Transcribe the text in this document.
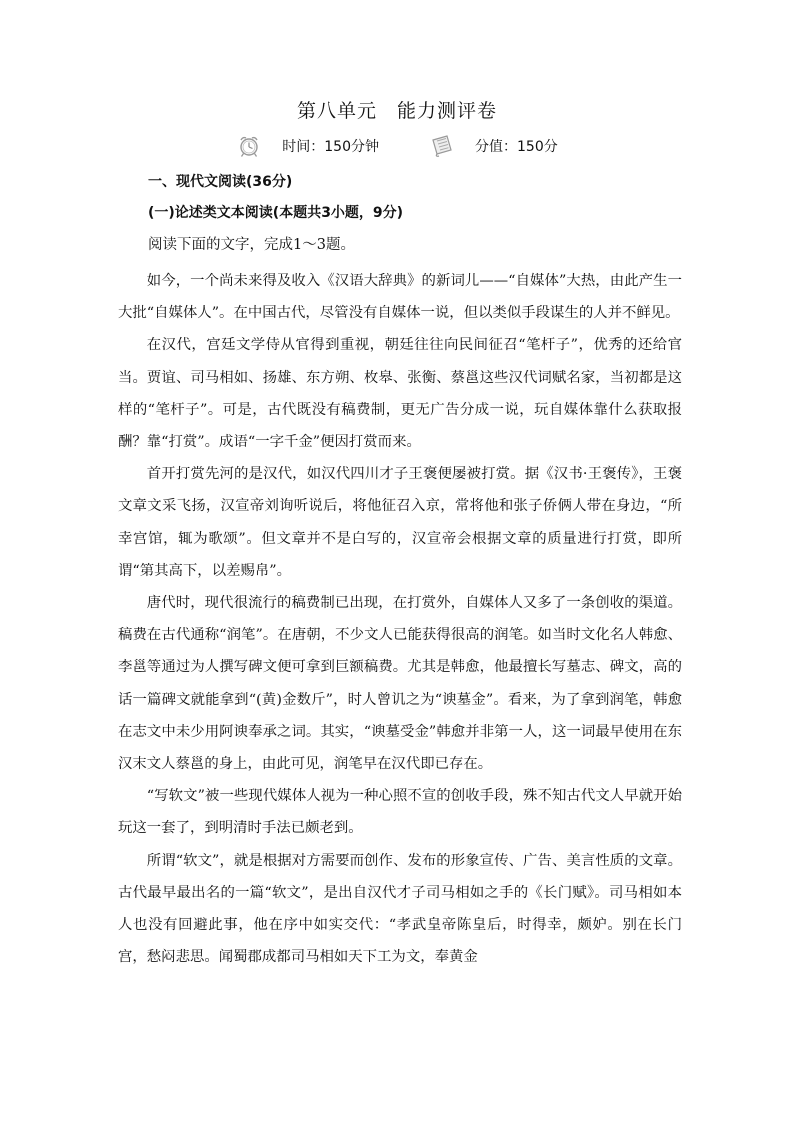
第八单元　能力测评卷
时间：150分钟	分值：150分
一、现代文阅读(36分)
(一)论述类文本阅读(本题共3小题，9分)
阅读下面的文字，完成1～3题。

如今，一个尚未来得及收入《汉语大辞典》的新词儿——“自媒体”大热，由此产生一大批“自媒体人”。在中国古代，尽管没有自媒体一说，但以类似手段谋生的人并不鲜见。

在汉代，宫廷文学侍从官得到重视，朝廷往往向民间征召“笔杆子”，优秀的还给官当。贾谊、司马相如、扬雄、东方朔、枚皋、张衡、蔡邕这些汉代词赋名家，当初都是这样的“笔杆子”。可是，古代既没有稿费制，更无广告分成一说，玩自媒体靠什么获取报酬？靠“打赏”。成语“一字千金”便因打赏而来。

首开打赏先河的是汉代，如汉代四川才子王褒便屡被打赏。据《汉书·王褒传》，王褒文章文采飞扬，汉宣帝刘询听说后，将他征召入京，常将他和张子侨俩人带在身边，“所幸宫馆，辄为歌颂”。但文章并不是白写的，汉宣帝会根据文章的质量进行打赏，即所谓“第其高下，以差赐帛”。

唐代时，现代很流行的稿费制已出现，在打赏外，自媒体人又多了一条创收的渠道。稿费在古代通称“润笔”。在唐朝，不少文人已能获得很高的润笔。如当时文化名人韩愈、李邕等通过为人撰写碑文便可拿到巨额稿费。尤其是韩愈，他最擅长写墓志、碑文，高的话一篇碑文就能拿到“(黄)金数斤”，时人曾讥之为“谀墓金”。看来，为了拿到润笔，韩愈在志文中未少用阿谀奉承之词。其实，“谀墓受金”韩愈并非第一人，这一词最早使用在东汉末文人蔡邕的身上，由此可见，润笔早在汉代即已存在。

“写软文”被一些现代媒体人视为一种心照不宣的创收手段，殊不知古代文人早就开始玩这一套了，到明清时手法已颇老到。

所谓“软文”，就是根据对方需要而创作、发布的形象宣传、广告、美言性质的文章。古代最早最出名的一篇“软文”，是出自汉代才子司马相如之手的《长门赋》。司马相如本人也没有回避此事，他在序中如实交代：“孝武皇帝陈皇后，时得幸，颇妒。别在长门宫，愁闷悲思。闻蜀郡成都司马相如天下工为文，奉黄金
